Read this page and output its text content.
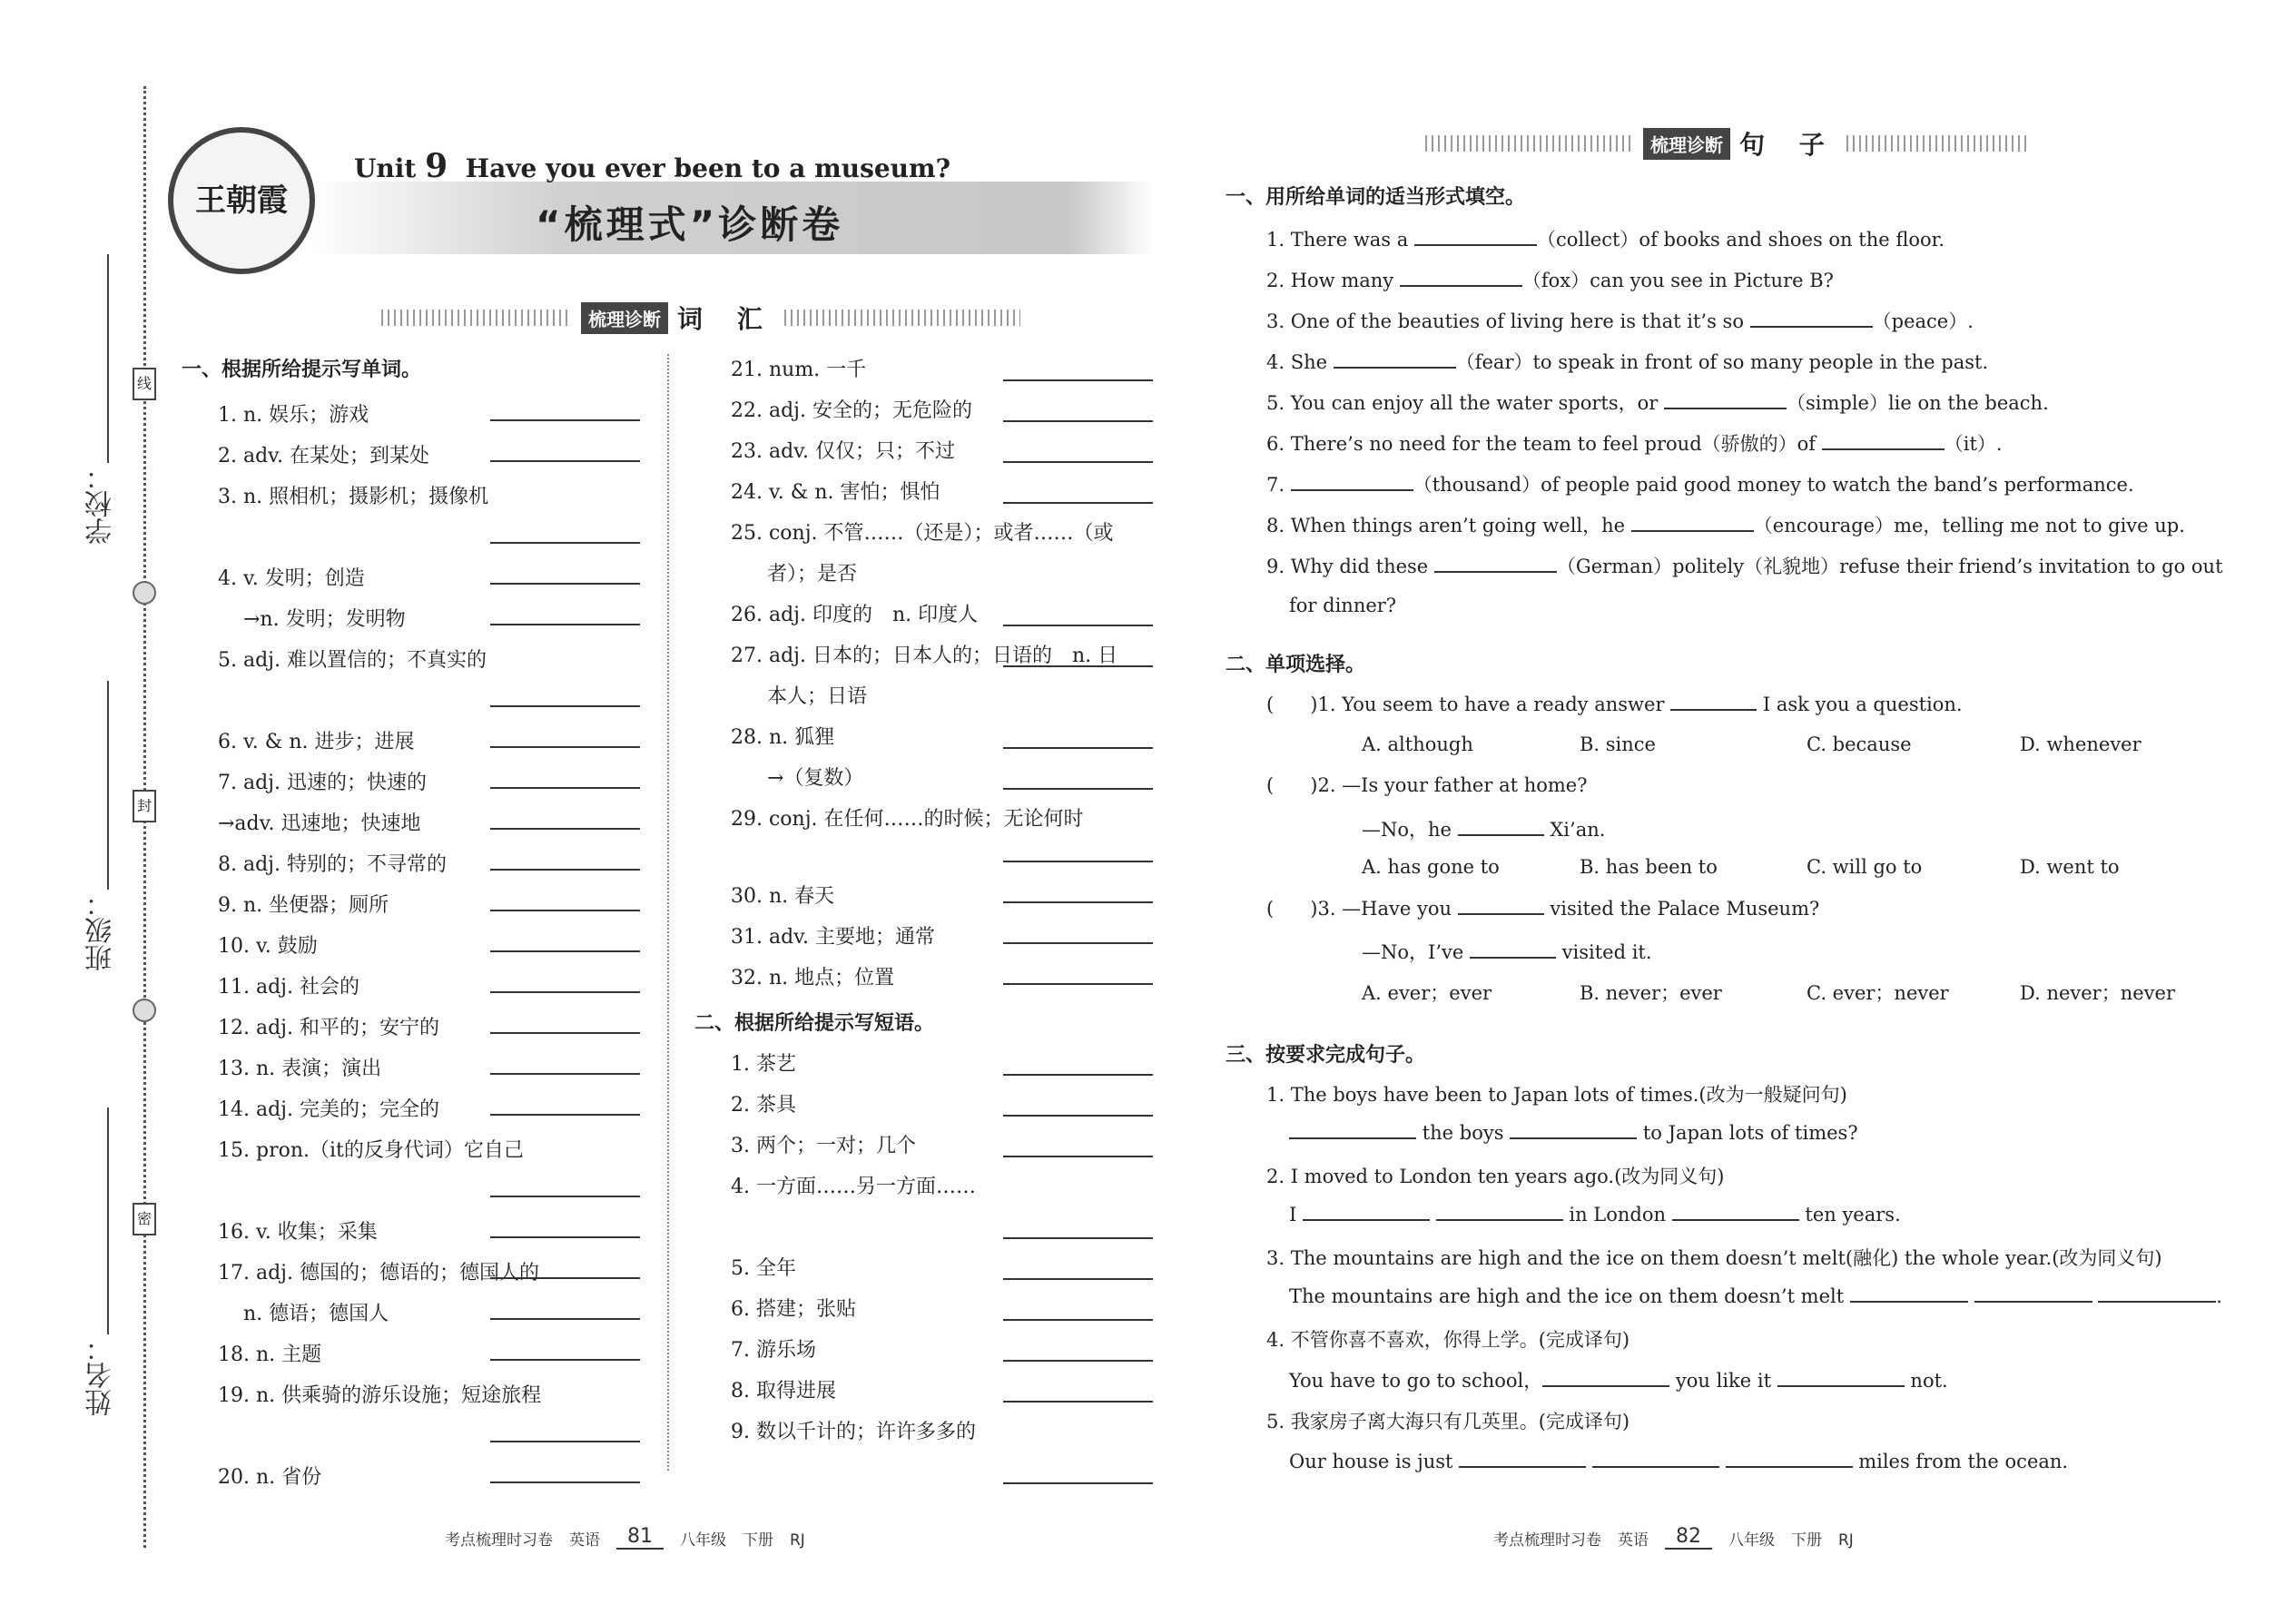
学校：
班级：
姓名：
线
封
密
王朝霞
Unit 9 Have you ever been to a museum?
“梳理式”诊断卷
梳理诊断 词 汇
梳理诊断 句 子
一、根据所给提示写单词。
1. n. 娱乐；游戏
2. adv. 在某处；到某处
3. n. 照相机；摄影机；摄像机
4. v. 发明；创造
→n. 发明；发明物
5. adj. 难以置信的；不真实的
6. v. & n. 进步；进展
7. adj. 迅速的；快速的
→adv. 迅速地；快速地
8. adj. 特别的；不寻常的
9. n. 坐便器；厕所
10. v. 鼓励
11. adj. 社会的
12. adj. 和平的；安宁的
13. n. 表演；演出
14. adj. 完美的；完全的
15. pron.（it的反身代词）它自己
16. v. 收集；采集
17. adj. 德国的；德语的；德国人的
n. 德语；德国人
18. n. 主题
19. n. 供乘骑的游乐设施；短途旅程
20. n. 省份
21. num. 一千
22. adj. 安全的；无危险的
23. adv. 仅仅；只；不过
24. v. & n. 害怕；惧怕
25. conj. 不管……（还是）；或者……（或
者）；是否
26. adj. 印度的　n. 印度人
27. adj. 日本的；日本人的；日语的　n. 日
本人；日语
28. n. 狐狸
→（复数）
29. conj. 在任何……的时候；无论何时
30. n. 春天
31. adv. 主要地；通常
32. n. 地点；位置
二、根据所给提示写短语。
1. 茶艺
2. 茶具
3. 两个；一对；几个
4. 一方面……另一方面……
5. 全年
6. 搭建；张贴
7. 游乐场
8. 取得进展
9. 数以千计的；许许多多的
一、用所给单词的适当形式填空。
1. There was a	（collect）of books and shoes on the floor.
2. How many	（fox）can you see in Picture B?
3. One of the beauties of living here is that it’s so	（peace）.
4. She	（fear）to speak in front of so many people in the past.
5. You can enjoy all the water sports，or	（simple）lie on the beach.
6. There’s no need for the team to feel proud（骄傲的）of	（it）.
7.	（thousand）of people paid good money to watch the band’s performance.
8. When things aren’t going well，he	（encourage）me，telling me not to give up.
9. Why did these	（German）politely（礼貌地）refuse their friend’s invitation to go out
for dinner?
二、单项选择。
( )1. You seem to have a ready answer	I ask you a question.
A. although	B. since	C. because	D. whenever
( )2. —Is your father at home?
—No，he	Xi’an.
A. has gone to	B. has been to	C. will go to	D. went to
( )3. —Have you	visited the Palace Museum?
—No，I’ve	visited it.
A. ever；ever	B. never；ever	C. ever；never	D. never；never
三、按要求完成句子。
1. The boys have been to Japan lots of times.(改为一般疑问句)
the boys	to Japan lots of times?
2. I moved to London ten years ago.(改为同义句)
I	in London	ten years.
3. The mountains are high and the ice on them doesn’t melt(融化) the whole year.(改为同义句)
The mountains are high and the ice on them doesn’t melt	.
4. 不管你喜不喜欢，你得上学。(完成译句)
You have to go to school，	you like it	not.
5. 我家房子离大海只有几英里。(完成译句)
Our house is just	miles from the ocean.
考点梳理时习卷 英语	81	八年级 下册 RJ	考点梳理时习卷 英语	82	八年级 下册 RJ
